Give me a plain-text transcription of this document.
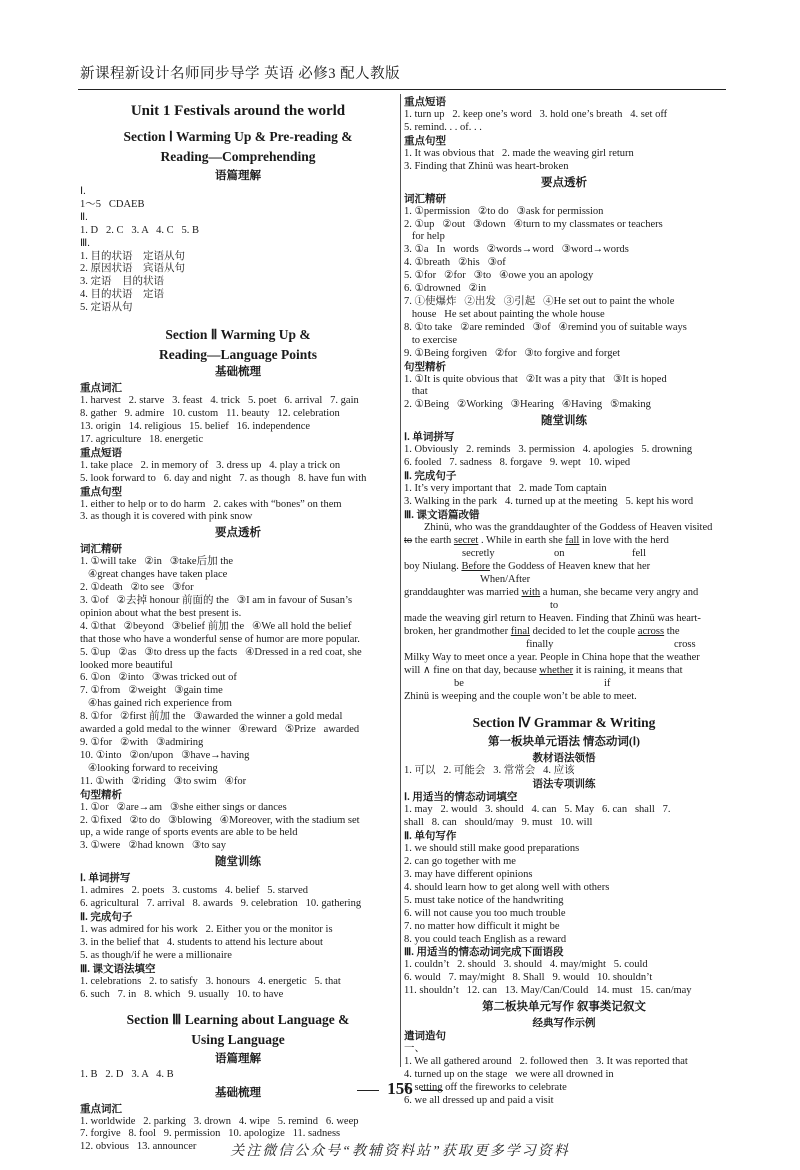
新课程新设计名师同步导学 英语 必修3 配人教版
Unit 1 Festivals around the world
Section Ⅰ Warming Up & Pre-reading &
Reading—Comprehending
语篇理解
Ⅰ.
1～5   CDAEB
Ⅱ.
1. D   2. C   3. A   4. C   5. B
Ⅲ.
1. 目的状语    定语从句
2. 原因状语    宾语从句
3. 定语    目的状语
4. 目的状语    定语
5. 定语从句
Section Ⅱ Warming Up &
Reading—Language Points
基础梳理
重点词汇
1. harvest   2. starve   3. feast   4. trick   5. poet   6. arrival   7. gain
8. gather   9. admire   10. custom   11. beauty   12. celebration
13. origin   14. religious   15. belief   16. independence
17. agriculture   18. energetic
重点短语
1. take place   2. in memory of   3. dress up   4. play a trick on
5. look forward to   6. day and night   7. as though   8. have fun with
重点句型
1. either to help or to do harm   2. cakes with “bones” on them
3. as though it is covered with pink snow
要点透析
词汇精研
1. ①will take   ②in   ③take后加 the
④great changes have taken place
2. ①death   ②to see   ③for
3. ①of   ②去掉 honour 前面的 the   ③I am in favour of Susan’s
opinion about what the best present is.
4. ①that   ②beyond   ③belief 前加 the   ④We all hold the belief
that those who have a wonderful sense of humor are more popular.
5. ①up   ②as   ③to dress up the facts   ④Dressed in a red coat, she
looked more beautiful
6. ①on   ②into   ③was tricked out of
7. ①from   ②weight   ③gain time
④has gained rich experience from
8. ①for   ②first 前加 the   ③awarded the winner a gold medal
awarded a gold medal to the winner   ④reward   ⑤Prize   awarded
9. ①for   ②with   ③admiring
10. ①into   ②on/upon   ③have→having
④looking forward to receiving
11. ①with   ②riding   ③to swim   ④for
句型精析
1. ①or   ②are→am   ③she either sings or dances
2. ①fixed   ②to do   ③blowing   ④Moreover, with the stadium set
up, a wide range of sports events are able to be held
3. ①were   ②had known   ③to say
随堂训练
Ⅰ. 单词拼写
1. admires   2. poets   3. customs   4. belief   5. starved
6. agricultural   7. arrival   8. awards   9. celebration   10. gathering
Ⅱ. 完成句子
1. was admired for his work   2. Either you or the monitor is
3. in the belief that   4. students to attend his lecture about
5. as though/if he were a millionaire
Ⅲ. 课文语法填空
1. celebrations   2. to satisfy   3. honours   4. energetic   5. that
6. such   7. in   8. which   9. usually   10. to have
Section Ⅲ Learning about Language &
Using Language
语篇理解
1. B   2. D   3. A   4. B
基础梳理
重点词汇
1. worldwide   2. parking   3. drown   4. wipe   5. remind   6. weep
7. forgive   8. fool   9. permission   10. apologize   11. sadness
12. obvious   13. announcer
重点短语
1. turn up   2. keep one’s word   3. hold one’s breath   4. set off
5. remind. . . of. . .
重点句型
1. It was obvious that   2. made the weaving girl return
3. Finding that Zhinü was heart-broken
要点透析
词汇精研
1. ①permission   ②to do   ③ask for permission
2. ①up   ②out   ③down   ④turn to my classmates or teachers
for help
3. ①a   In   words   ②words→word   ③word→words
4. ①breath   ②his   ③of
5. ①for   ②for   ③to   ④owe you an apology
6. ①drowned   ②in
7. ①使爆炸   ②出发   ③引起   ④He set out to paint the whole
house   He set about painting the whole house
8. ①to take   ②are reminded   ③of   ④remind you of suitable ways
to exercise
9. ①Being forgiven   ②for   ③to forgive and forget
句型精析
1. ①It is quite obvious that   ②It was a pity that   ③It is hoped
that
2. ①Being   ②Working   ③Hearing   ④Having   ⑤making
随堂训练
Ⅰ. 单词拼写
1. Obviously   2. reminds   3. permission   4. apologies   5. drowning
6. fooled   7. sadness   8. forgave   9. wept   10. wiped
Ⅱ. 完成句子
1. It’s very important that   2. made Tom captain
3. Walking in the park   4. turned up at the meeting   5. kept his word
Ⅲ. 课文语篇改错
Zhinü, who was the granddaughter of the Goddess of Heaven visited
to the earth secret . While in earth she fall in love with the herd
secretly	on	fell
boy Niulang. Before the Goddess of Heaven knew that her
When/After
granddaughter was married with a human, she became very angry and
to
made the weaving girl return to Heaven. Finding that Zhinü was heart-
broken, her grandmother final decided to let the couple across the
finally	cross
Milky Way to meet once a year. People in China hope that the weather
will ∧ fine on that day, because whether it is raining, it means that
be	if
Zhinü is weeping and the couple won’t be able to meet.
Section Ⅳ Grammar & Writing
第一板块单元语法 情态动词(Ⅰ)
教材语法领悟
1. 可以   2. 可能会   3. 常常会   4. 应该
语法专项训练
Ⅰ. 用适当的情态动词填空
1. may   2. would   3. should   4. can   5. May   6. can   shall   7.
shall   8. can   should/may   9. must   10. will
Ⅱ. 单句写作
1. we should still make good preparations
2. can go together with me
3. may have different opinions
4. should learn how to get along well with others
5. must take notice of the handwriting
6. will not cause you too much trouble
7. no matter how difficult it might be
8. you could teach English as a reward
Ⅲ. 用适当的情态动词完成下面语段
1. couldn’t   2. should   3. should   4. may/might   5. could
6. would   7. may/might   8. Shall   9. would   10. shouldn’t
11. shouldn’t   12. can   13. May/Can/Could   14. must   15. can/may
第二板块单元写作 叙事类记叙文
经典写作示例
遣词造句
一、
1. We all gathered around   2. followed then   3. It was reported that
4. turned up on the stage   we were all drowned in
5. setting off the fireworks to celebrate
6. we all dressed up and paid a visit
156
关注微信公众号“教辅资料站”获取更多学习资料
